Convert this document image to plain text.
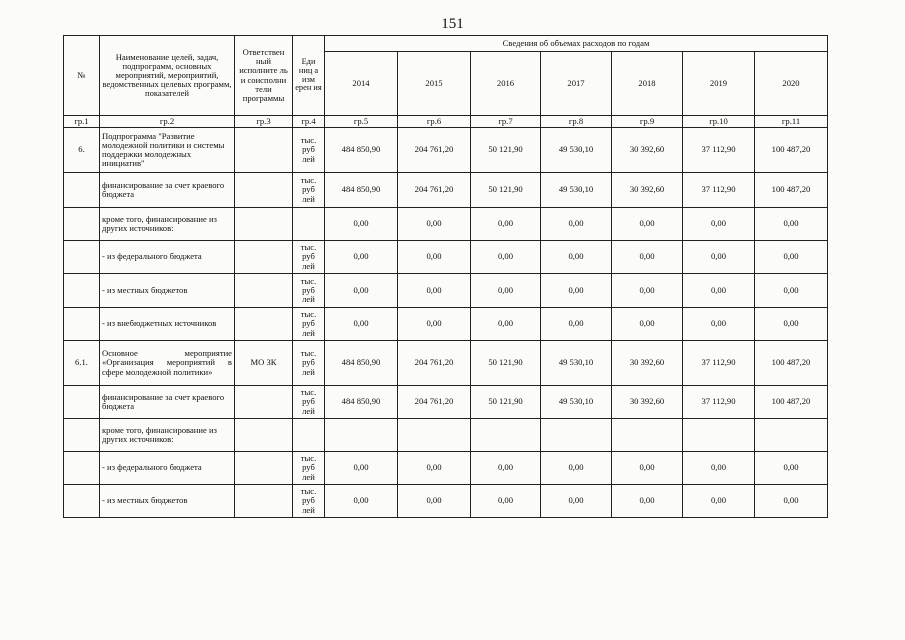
151
№	Наименование целей, задач, подпрограмм, основных мероприятий, мероприятий, ведомственных целевых программ, показателей	Ответствен ный исполните ль и соисполни тели программы	Еди ниц а изм ерен ия	Сведения об объемах расходов по годам						
				2014	2015	2016	2017	2018	2019	2020
гр.1	гр.2	гр.3	гр.4	гр.5	гр.6	гр.7	гр.8	гр.9	гр.10	гр.11
6.	Подпрограмма "Развитие молодежной политики и системы поддержки молодежных инициатив"		тыс. руб лей	484 850,90	204 761,20	50 121,90	49 530,10	30 392,60	37 112,90	100 487,20
	финансирование за счет краевого бюджета		тыс. руб лей	484 850,90	204 761,20	50 121,90	49 530,10	30 392,60	37 112,90	100 487,20
	кроме того, финансирование из других источников:			0,00	0,00	0,00	0,00	0,00	0,00	0,00
	- из федерального бюджета		тыс. руб лей	0,00	0,00	0,00	0,00	0,00	0,00	0,00
	- из местных бюджетов		тыс. руб лей	0,00	0,00	0,00	0,00	0,00	0,00	0,00
	- из внебюджетных источников		тыс. руб лей	0,00	0,00	0,00	0,00	0,00	0,00	0,00
6.1.	Основное мероприятие «Организация мероприятий в сфере молодежной политики»	МО ЗК	тыс. руб лей	484 850,90	204 761,20	50 121,90	49 530,10	30 392,60	37 112,90	100 487,20
	финансирование за счет краевого бюджета		тыс. руб лей	484 850,90	204 761,20	50 121,90	49 530,10	30 392,60	37 112,90	100 487,20
	кроме того, финансирование из других источников:									
	- из федерального бюджета		тыс. руб лей	0,00	0,00	0,00	0,00	0,00	0,00	0,00
	- из местных бюджетов		тыс. руб лей	0,00	0,00	0,00	0,00	0,00	0,00	0,00
